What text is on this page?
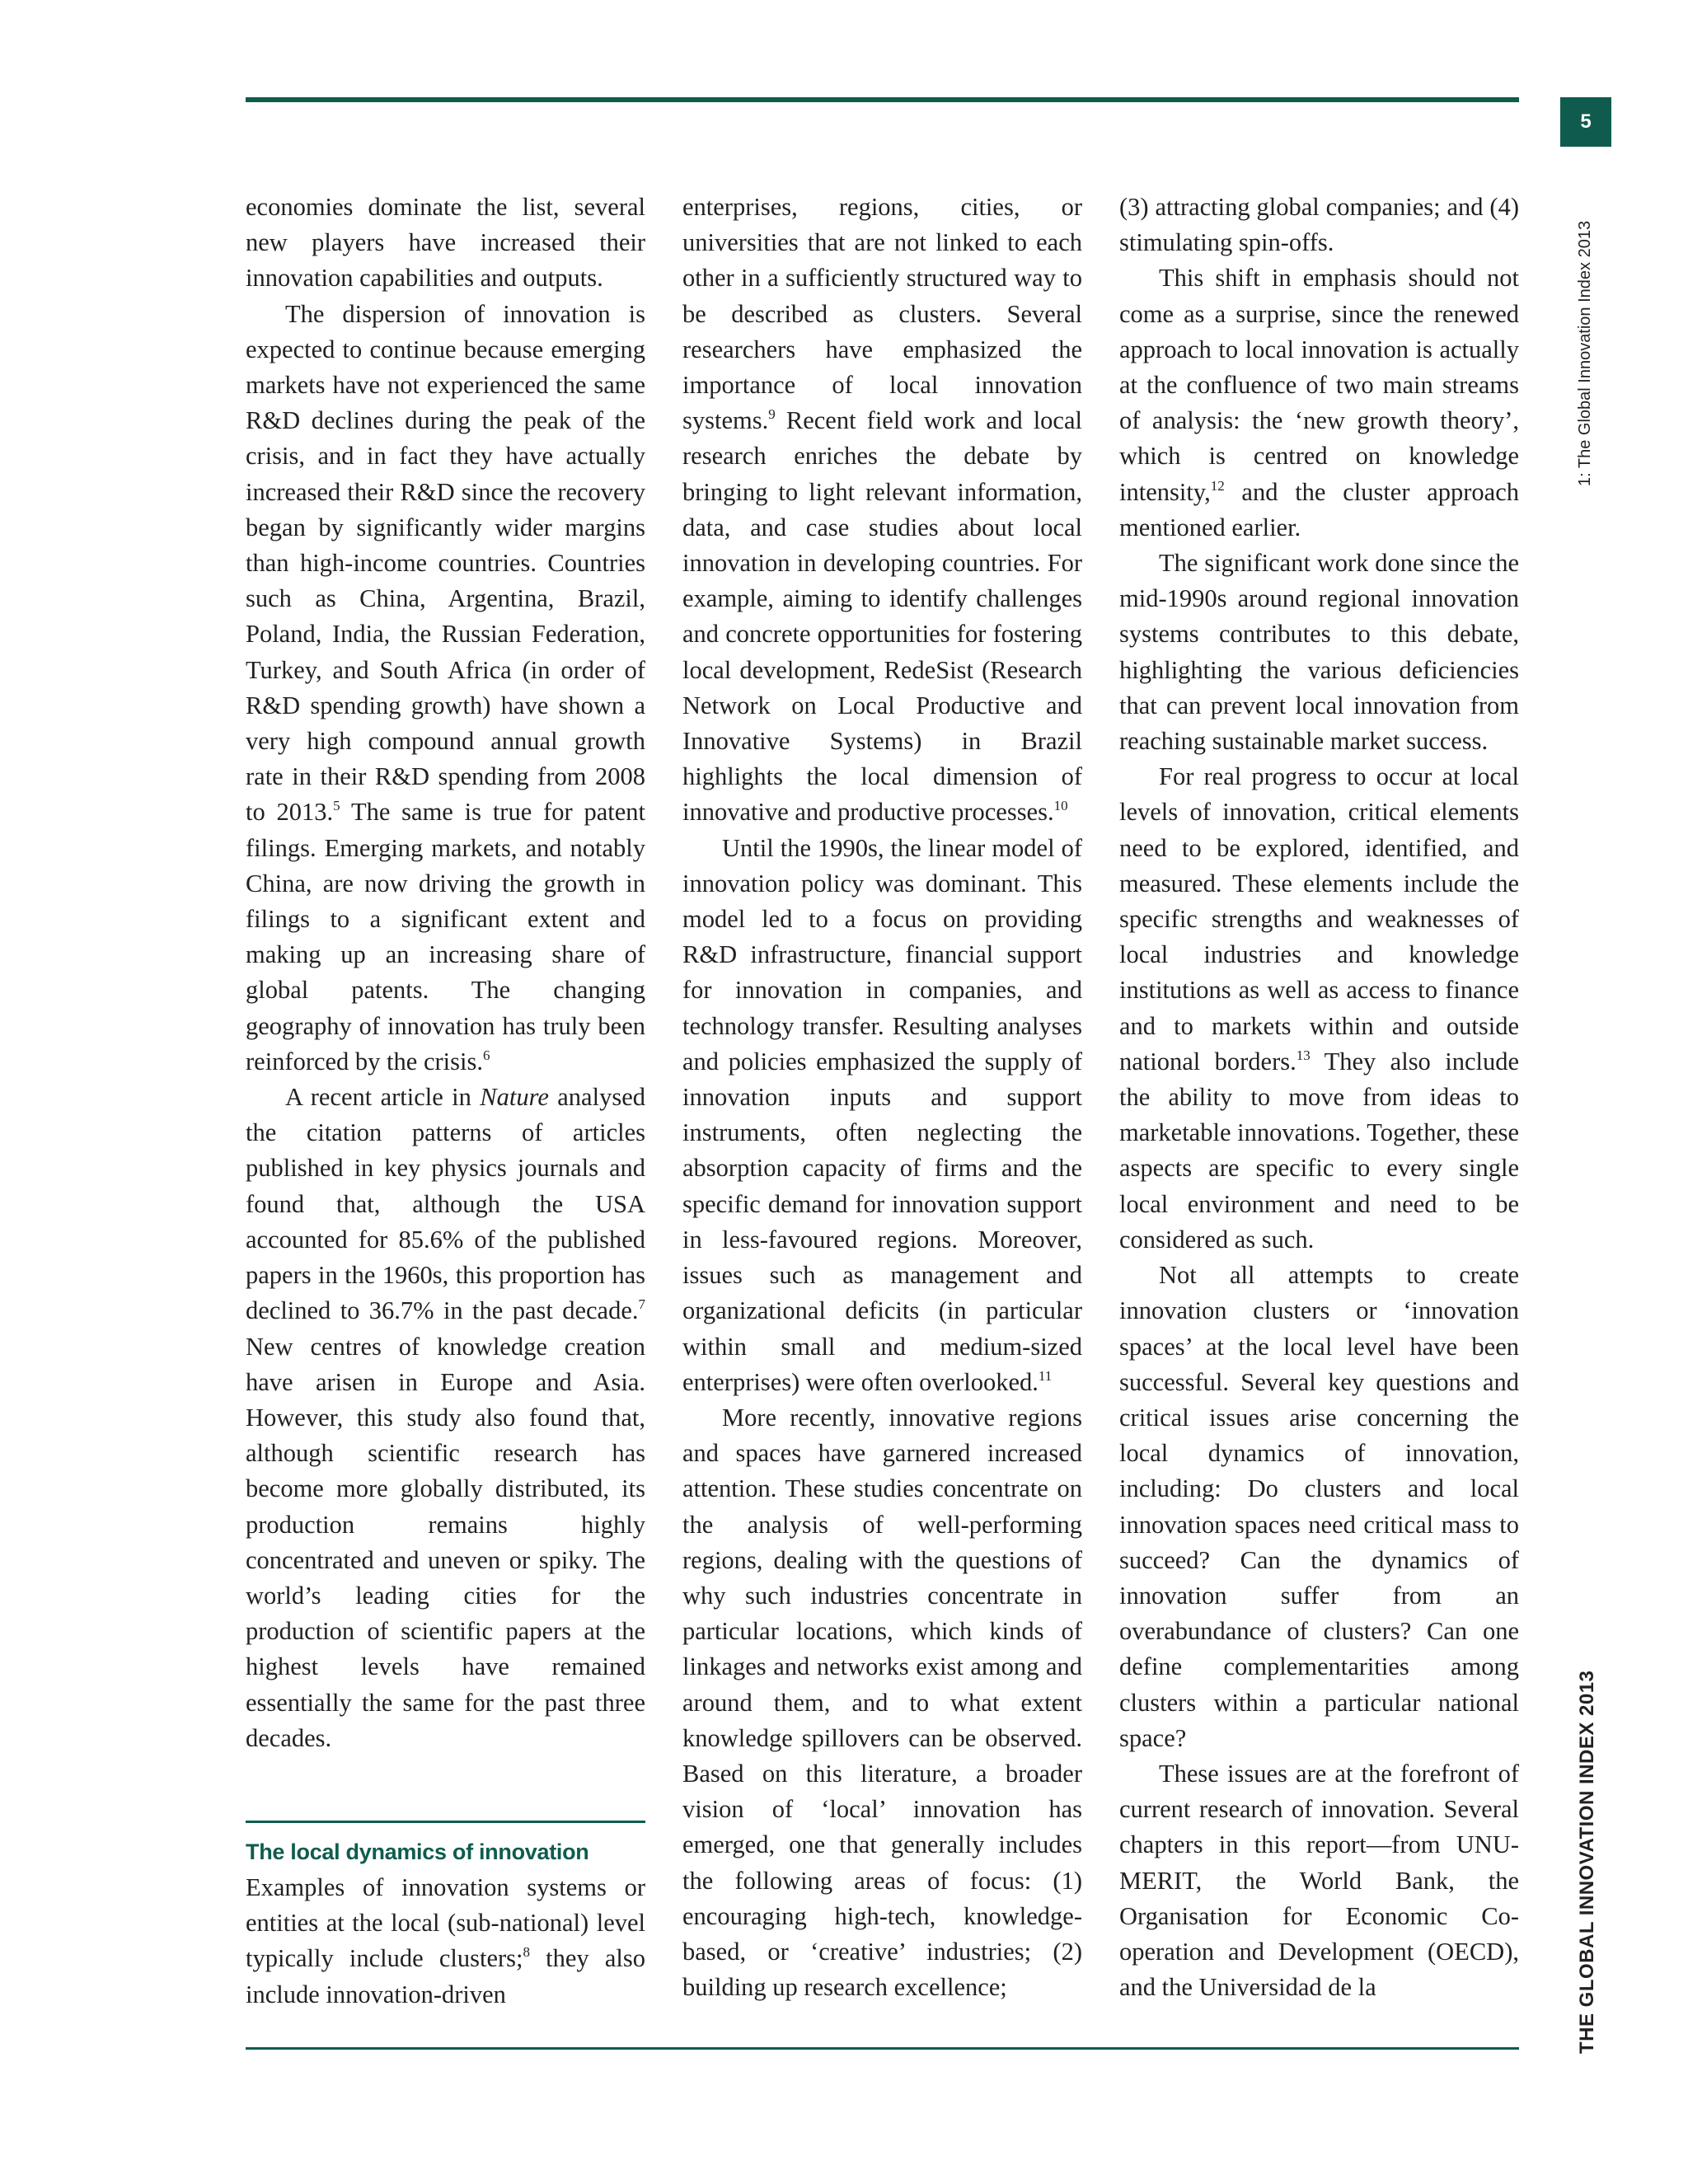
5
1: The Global Innovation Index 2013

economies dominate the list, several new players have increased their innovation capabilities and outputs.

The dispersion of innovation is expected to continue because emerging markets have not experienced the same R&D declines during the peak of the crisis, and in fact they have actually increased their R&D since the recovery began by significantly wider margins than high-income countries. Countries such as China, Argentina, Brazil, Poland, India, the Russian Federation, Turkey, and South Africa (in order of R&D spending growth) have shown a very high compound annual growth rate in their R&D spending from 2008 to 2013.$^5$ The same is true for patent filings. Emerging markets, and notably China, are now driving the growth in filings to a significant extent and making up an increasing share of global patents. The changing geography of innovation has truly been reinforced by the crisis.$^6$

A recent article in Nature analysed the citation patterns of articles published in key physics journals and found that, although the USA accounted for 85.6% of the published papers in the 1960s, this proportion has declined to 36.7% in the past decade.$^7$ New centres of knowledge creation have arisen in Europe and Asia. However, this study also found that, although scientific research has become more globally distributed, its production remains highly concentrated and uneven or spiky. The world’s leading cities for the production of scientific papers at the highest levels have remained essentially the same for the past three decades.

The local dynamics of innovation

Examples of innovation systems or entities at the local (sub-national) level typically include clusters;$^8$ they also include innovation-driven

enterprises, regions, cities, or universities that are not linked to each other in a sufficiently structured way to be described as clusters. Several researchers have emphasized the importance of local innovation systems.$^9$ Recent field work and local research enriches the debate by bringing to light relevant information, data, and case studies about local innovation in developing countries. For example, aiming to identify challenges and concrete opportunities for fostering local development, RedeSist (Research Network on Local Productive and Innovative Systems) in Brazil highlights the local dimension of innovative and productive processes.$^{10}$

Until the 1990s, the linear model of innovation policy was dominant. This model led to a focus on providing R&D infrastructure, financial support for innovation in companies, and technology transfer. Resulting analyses and policies emphasized the supply of innovation inputs and support instruments, often neglecting the absorption capacity of firms and the specific demand for innovation support in less-favoured regions. Moreover, issues such as management and organizational deficits (in particular within small and medium-sized enterprises) were often overlooked.$^{11}$

More recently, innovative regions and spaces have garnered increased attention. These studies concentrate on the analysis of well-performing regions, dealing with the questions of why such industries concentrate in particular locations, which kinds of linkages and networks exist among and around them, and to what extent knowledge spillovers can be observed. Based on this literature, a broader vision of ‘local’ innovation has emerged, one that generally includes the following areas of focus: (1) encouraging high-tech, knowledge-based, or ‘creative’ industries; (2) building up research excellence;

(3) attracting global companies; and (4) stimulating spin-offs.

This shift in emphasis should not come as a surprise, since the renewed approach to local innovation is actually at the confluence of two main streams of analysis: the ‘new growth theory’, which is centred on knowledge intensity,$^{12}$ and the cluster approach mentioned earlier.

The significant work done since the mid-1990s around regional innovation systems contributes to this debate, highlighting the various deficiencies that can prevent local innovation from reaching sustainable market success.

For real progress to occur at local levels of innovation, critical elements need to be explored, identified, and measured. These elements include the specific strengths and weaknesses of local industries and knowledge institutions as well as access to finance and to markets within and outside national borders.$^{13}$ They also include the ability to move from ideas to marketable innovations. Together, these aspects are specific to every single local environment and need to be considered as such.

Not all attempts to create innovation clusters or ‘innovation spaces’ at the local level have been successful. Several key questions and critical issues arise concerning the local dynamics of innovation, including: Do clusters and local innovation spaces need critical mass to succeed? Can the dynamics of innovation suffer from an overabundance of clusters? Can one define complementarities among clusters within a particular national space?

These issues are at the forefront of current research of innovation. Several chapters in this report—from UNU-MERIT, the World Bank, the Organisation for Economic Co-operation and Development (OECD), and the Universidad de la	THE GLOBAL INNOVATION INDEX 2013
